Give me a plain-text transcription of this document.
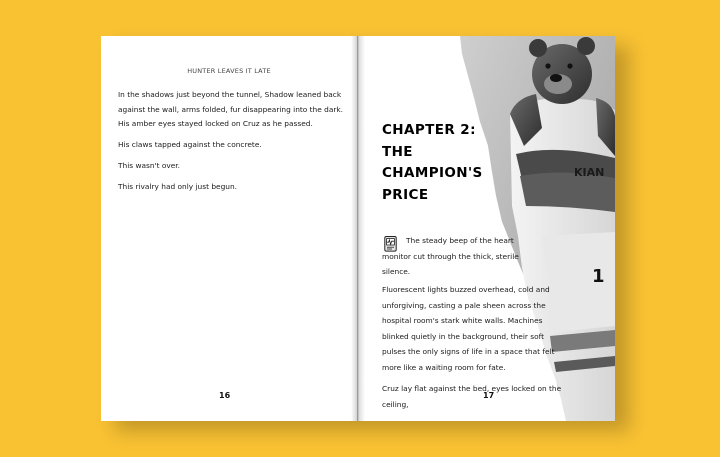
HUNTER LEAVES IT LATE

In the shadows just beyond the tunnel, Shadow leaned back against the wall, arms folded, fur disappearing into the dark. His amber eyes stayed locked on Cruz as he passed.

His claws tapped against the concrete.

This wasn't over.

This rivalry had only just begun.

16
KIAN
1
CHAPTER 2:
THE
CHAMPION'S
PRICE

The steady beep of the heart monitor cut through the thick, sterile silence.

Fluorescent lights buzzed overhead, cold and unforgiving, casting a pale sheen across the hospital room's stark white walls. Machines blinked quietly in the background, their soft pulses the only signs of life in a space that felt more like a waiting room for fate.

Cruz lay flat against the bed, eyes locked on the ceiling,

17
